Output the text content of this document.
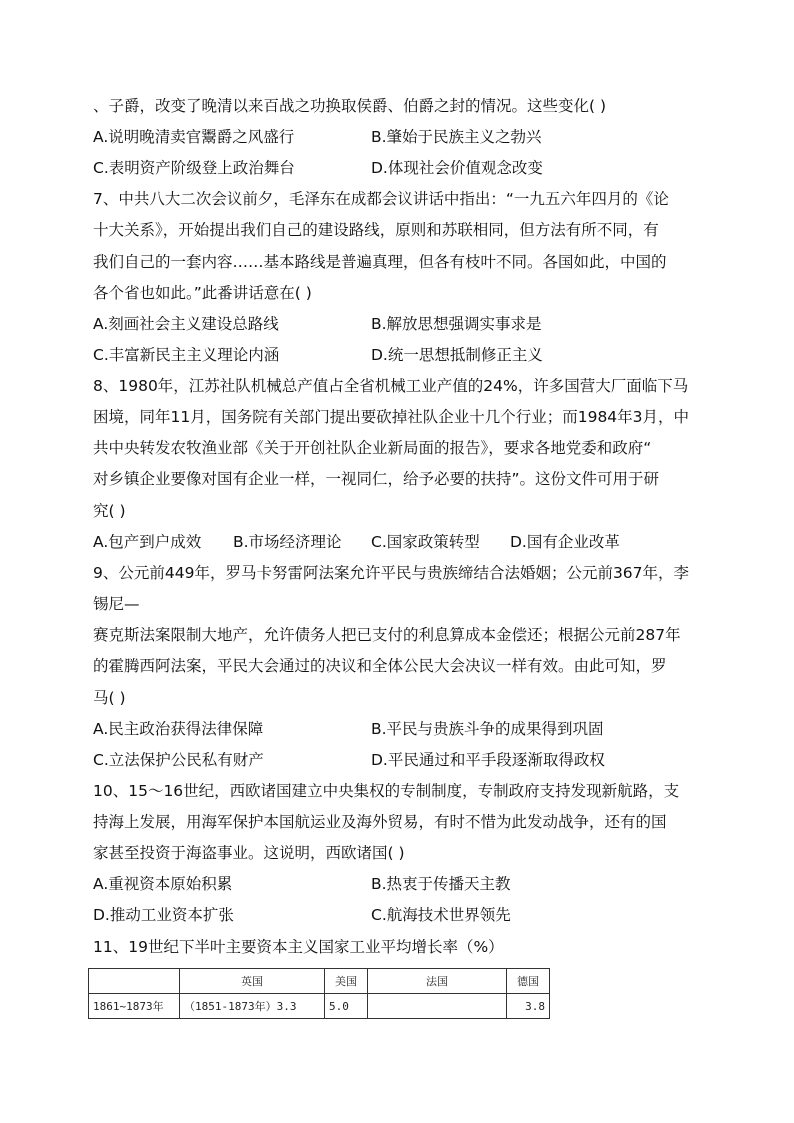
、子爵，改变了晚清以来百战之功换取侯爵、伯爵之封的情况。这些变化( )
A.说明晚清卖官鬻爵之风盛行	B.肇始于民族主义之勃兴
C.表明资产阶级登上政治舞台	D.体现社会价值观念改变
7、中共八大二次会议前夕，毛泽东在成都会议讲话中指出：“一九五六年四月的《论
十大关系》，开始提出我们自己的建设路线，原则和苏联相同，但方法有所不同，有
我们自己的一套内容……基本路线是普遍真理，但各有枝叶不同。各国如此，中国的
各个省也如此。”此番讲话意在( )
A.刻画社会主义建设总路线	B.解放思想强调实事求是
C.丰富新民主主义理论内涵	D.统一思想抵制修正主义
8、1980年，江苏社队机械总产值占全省机械工业产值的24%，许多国营大厂面临下马
困境，同年11月，国务院有关部门提出要砍掉社队企业十几个行业；而1984年3月，中
共中央转发农牧渔业部《关于开创社队企业新局面的报告》，要求各地党委和政府“
对乡镇企业要像对国有企业一样，一视同仁，给予必要的扶持”。这份文件可用于研
究( )
A.包产到户成效 B.市场经济理论 C.国家政策转型 D.国有企业改革
9、公元前449年，罗马卡努雷阿法案允许平民与贵族缔结合法婚姻；公元前367年，李
锡尼—
赛克斯法案限制大地产，允许债务人把已支付的利息算成本金偿还；根据公元前287年
的霍腾西阿法案，平民大会通过的决议和全体公民大会决议一样有效。由此可知，罗
马( )
A.民主政治获得法律保障	B.平民与贵族斗争的成果得到巩固
C.立法保护公民私有财产	D.平民通过和平手段逐渐取得政权
10、15～16世纪，西欧诸国建立中央集权的专制制度，专制政府支持发现新航路，支
持海上发展，用海军保护本国航运业及海外贸易，有时不惜为此发动战争，还有的国
家甚至投资于海盗事业。这说明，西欧诸国( )
A.重视资本原始积累	B.热衷于传播天主教
D.推动工业资本扩张	C.航海技术世界领先
11、19世纪下半叶主要资本主义国家工业平均增长率（%）
	英国	美国	法国	德国
1861~1873年	（1851-1873年）3.3	5.0		3.8
